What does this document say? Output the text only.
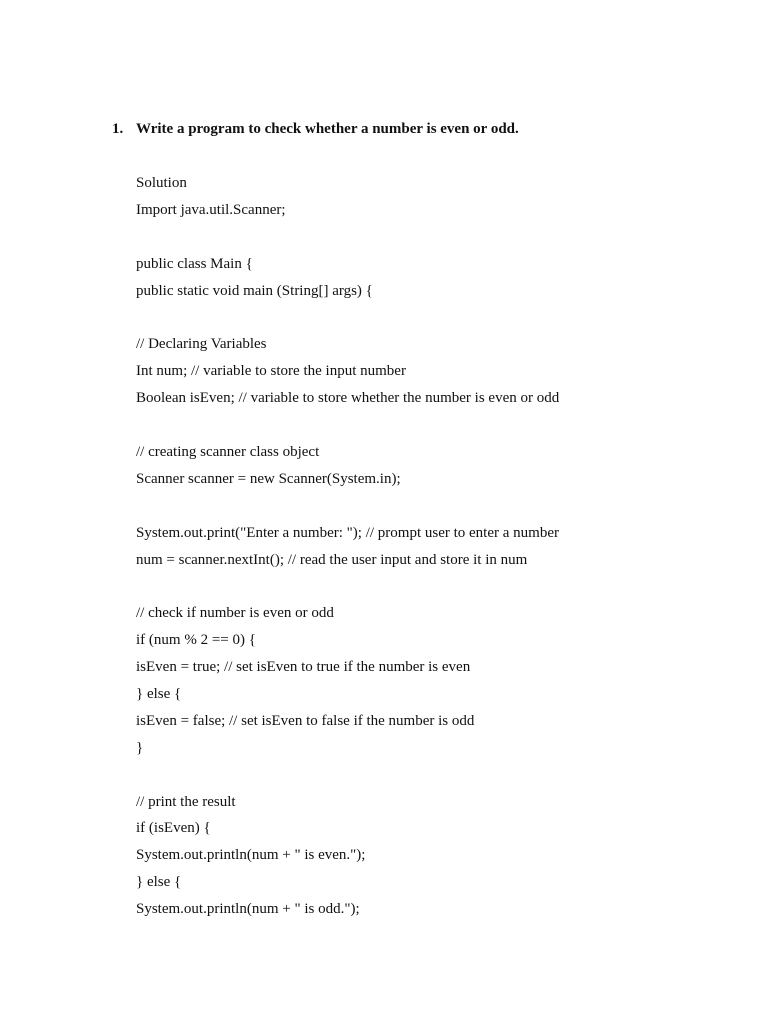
1. Write a program to check whether a number is even or odd.
Solution
Import java.util.Scanner;
public class Main {
public static void main (String[] args) {
// Declaring Variables
Int num; // variable to store the input number
Boolean isEven; // variable to store whether the number is even or odd
// creating scanner class object
Scanner scanner = new Scanner(System.in);
System.out.print("Enter a number: "); // prompt user to enter a number
num = scanner.nextInt(); // read the user input and store it in num
// check if number is even or odd
if (num % 2 == 0) {
isEven = true; // set isEven to true if the number is even
} else {
isEven = false; // set isEven to false if the number is odd
}
// print the result
if (isEven) {
System.out.println(num + " is even.");
} else {
System.out.println(num + " is odd.");
